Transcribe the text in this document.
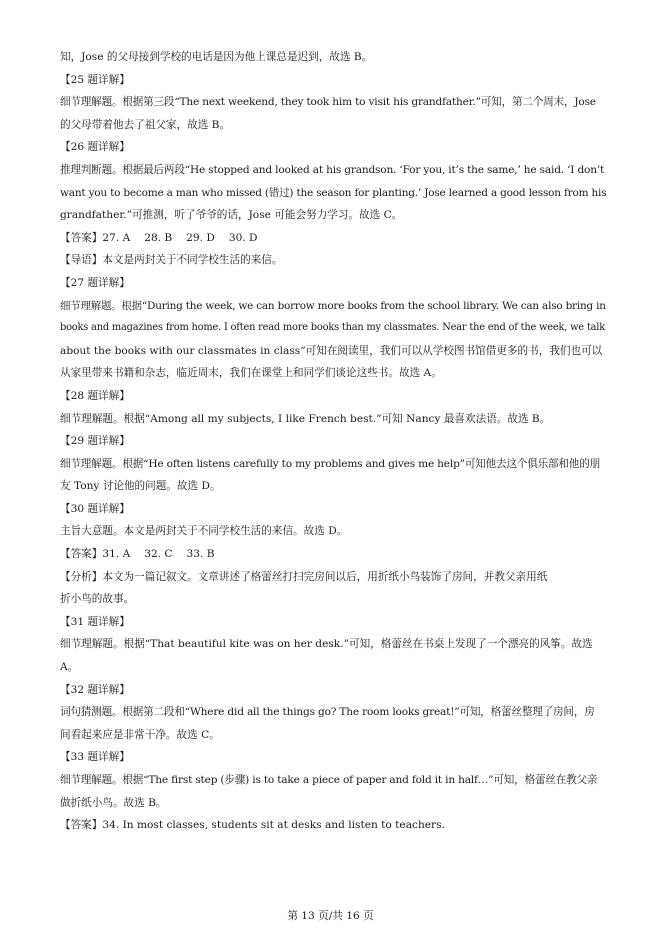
知，Jose 的父母接到学校的电话是因为他上课总是迟到，故选 B。
【25 题详解】
细节理解题。根据第三段“The next weekend, they took him to visit his grandfather.”可知，第二个周末，Jose
的父母带着他去了祖父家，故选 B。
【26 题详解】
推理判断题。根据最后两段“He stopped and looked at his grandson. ‘For you, it’s the same,’ he said. ‘I don’t
want you to become a man who missed (错过) the season for planting.’ Jose learned a good lesson from his
grandfather.”可推测，听了爷爷的话，Jose 可能会努力学习。故选 C。
【答案】27. A　 28. B　 29. D　 30. D
【导语】本文是两封关于不同学校生活的来信。
【27 题详解】
细节理解题。根据“During the week, we can borrow more books from the school library. We can also bring in
books and magazines from home. I often read more books than my classmates. Near the end of the week, we talk
about the books with our classmates in class”可知在阅读里，我们可以从学校图书馆借更多的书，我们也可以
从家里带来书籍和杂志，临近周末，我们在课堂上和同学们谈论这些书。故选 A。
【28 题详解】
细节理解题。根据“Among all my subjects, I like French best.”可知 Nancy 最喜欢法语。故选 B。
【29 题详解】
细节理解题。根据“He often listens carefully to my problems and gives me help”可知他去这个俱乐部和他的朋
友 Tony 讨论他的问题。故选 D。
【30 题详解】
主旨大意题。本文是两封关于不同学校生活的来信。故选 D。
【答案】31. A　 32. C　 33. B
【分析】本文为一篇记叙文。文章讲述了格蕾丝打扫完房间以后，用折纸小鸟装饰了房间，并教父亲用纸
折小鸟的故事。
【31 题详解】
细节理解题。根据“That beautiful kite was on her desk.”可知，格蕾丝在书桌上发现了一个漂亮的风筝。故选
A。
【32 题详解】
词句猜测题。根据第二段和“Where did all the things go? The room looks great!”可知，格蕾丝整理了房间，房
间看起来应是非常干净。故选 C。
【33 题详解】
细节理解题。根据“The first step (步骤) is to take a piece of paper and fold it in half…”可知，格蕾丝在教父亲
做折纸小鸟。故选 B。
【答案】34. In most classes, students sit at desks and listen to teachers.
第 13 页/共 16 页
